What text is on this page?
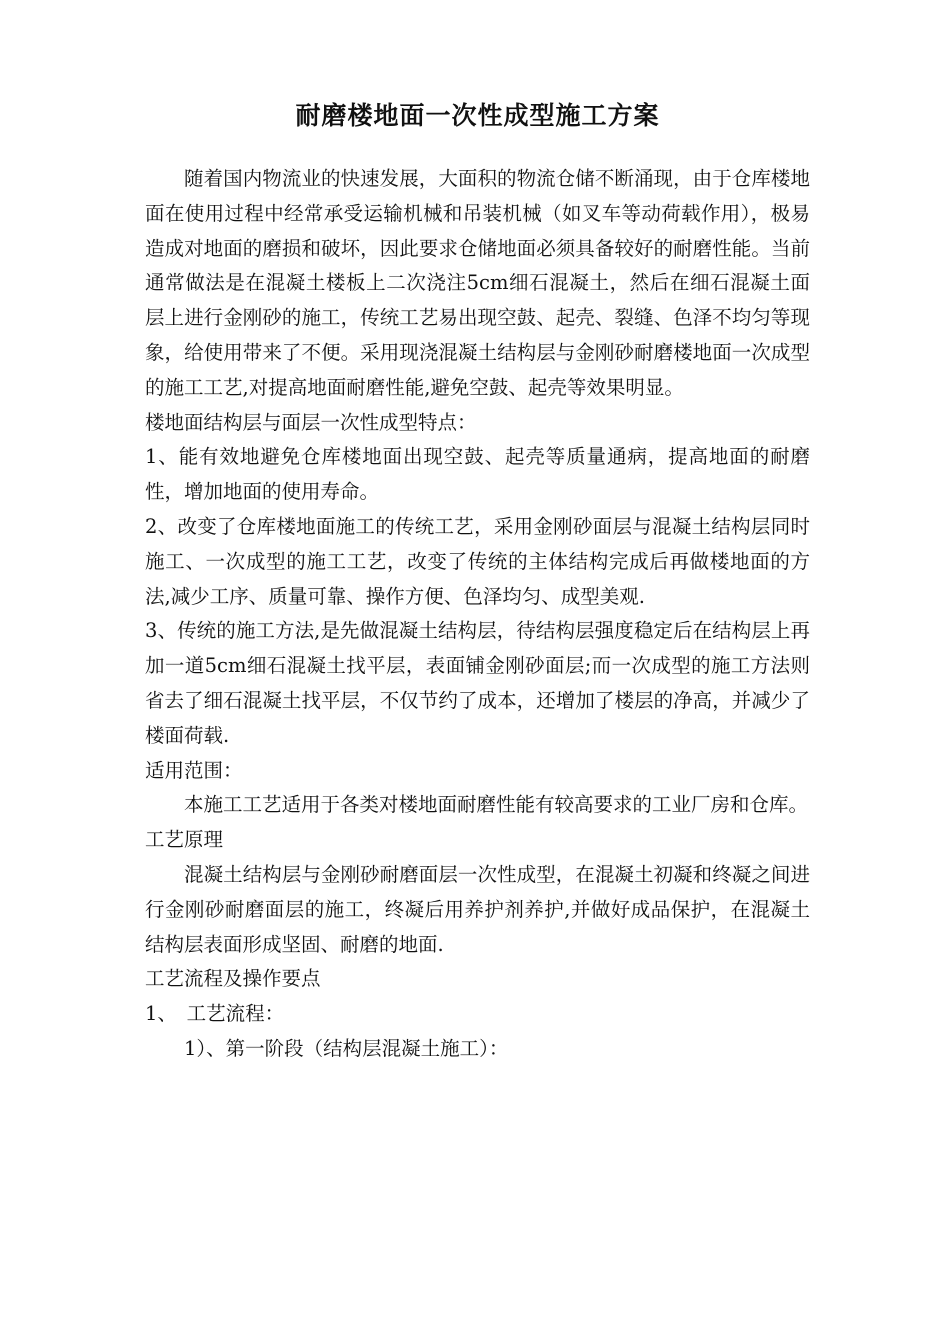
耐磨楼地面一次性成型施工方案

随着国内物流业的快速发展，大面积的物流仓储不断涌现，由于仓库楼地面在使用过程中经常承受运输机械和吊装机械（如叉车等动荷载作用），极易造成对地面的磨损和破坏，因此要求仓储地面必须具备较好的耐磨性能。当前通常做法是在混凝土楼板上二次浇注5cm细石混凝土，然后在细石混凝土面层上进行金刚砂的施工，传统工艺易出现空鼓、起壳、裂缝、色泽不均匀等现象，给使用带来了不便。采用现浇混凝土结构层与金刚砂耐磨楼地面一次成型的施工工艺,对提高地面耐磨性能,避免空鼓、起壳等效果明显。

楼地面结构层与面层一次性成型特点：

1、能有效地避免仓库楼地面出现空鼓、起壳等质量通病，提高地面的耐磨性，增加地面的使用寿命。

2、改变了仓库楼地面施工的传统工艺，采用金刚砂面层与混凝土结构层同时施工、一次成型的施工工艺，改变了传统的主体结构完成后再做楼地面的方法,减少工序、质量可靠、操作方便、色泽均匀、成型美观.

3、传统的施工方法,是先做混凝土结构层，待结构层强度稳定后在结构层上再加一道5cm细石混凝土找平层，表面铺金刚砂面层;而一次成型的施工方法则省去了细石混凝土找平层，不仅节约了成本，还增加了楼层的净高，并减少了楼面荷载.

适用范围：

本施工工艺适用于各类对楼地面耐磨性能有较高要求的工业厂房和仓库。

工艺原理

混凝土结构层与金刚砂耐磨面层一次性成型，在混凝土初凝和终凝之间进行金刚砂耐磨面层的施工，终凝后用养护剂养护,并做好成品保护，在混凝土结构层表面形成坚固、耐磨的地面.

工艺流程及操作要点

1、　工艺流程：

1）、第一阶段（结构层混凝土施工）：
